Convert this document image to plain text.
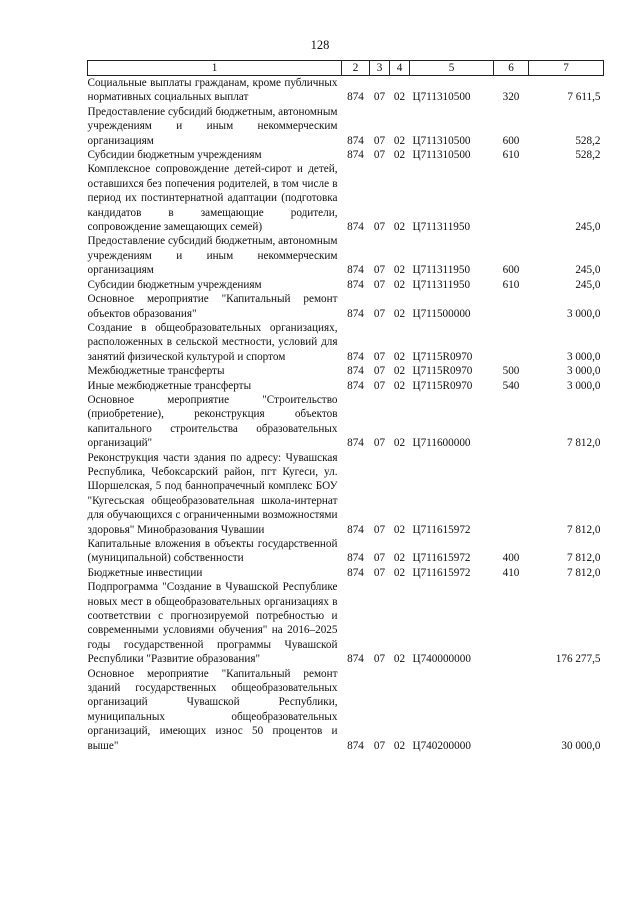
128
1	2	3	4	5	6	7
Социальные выплаты гражданам, кроме публичных нормативных социальных выплат	874	07	02	Ц711310500	320	7 611,5
Предоставление субсидий бюджетным, автономным учреждениям и иным некоммерческим организациям	874	07	02	Ц711310500	600	528,2
Субсидии бюджетным учреждениям	874	07	02	Ц711310500	610	528,2
Комплексное сопровождение детей-сирот и детей, оставшихся без попечения родителей, в том числе в период их постинтернатной адаптации (подготовка кандидатов в замещающие родители, сопровождение замещающих семей)	874	07	02	Ц711311950		245,0
Предоставление субсидий бюджетным, автономным учреждениям и иным некоммерческим организациям	874	07	02	Ц711311950	600	245,0
Субсидии бюджетным учреждениям	874	07	02	Ц711311950	610	245,0
Основное мероприятие "Капитальный ремонт объектов образования"	874	07	02	Ц711500000		3 000,0
Создание в общеобразовательных организациях, расположенных в сельской местности, условий для занятий физической культурой и спортом	874	07	02	Ц7115R0970		3 000,0
Межбюджетные трансферты	874	07	02	Ц7115R0970	500	3 000,0
Иные межбюджетные трансферты	874	07	02	Ц7115R0970	540	3 000,0
Основное мероприятие "Строительство (приобретение), реконструкция объектов капитального строительства образовательных организаций"	874	07	02	Ц711600000		7 812,0
Реконструкция части здания по адресу: Чувашская Республика, Чебоксарский район, пгт Кугеси, ул. Шоршелская, 5 под баннопрачечный комплекс БОУ "Кугесьская общеобразовательная школа-интернат для обучающихся с ограниченными возможностями здоровья" Минобразования Чувашии	874	07	02	Ц711615972		7 812,0
Капитальные вложения в объекты государственной (муниципальной) собственности	874	07	02	Ц711615972	400	7 812,0
Бюджетные инвестиции	874	07	02	Ц711615972	410	7 812,0
Подпрограмма "Создание в Чувашской Республике новых мест в общеобразовательных организациях в соответствии с прогнозируемой потребностью и современными условиями обучения" на 2016–2025 годы государственной программы Чувашской Республики "Развитие образования"	874	07	02	Ц740000000		176 277,5
Основное мероприятие "Капитальный ремонт зданий государственных общеобразовательных организаций Чувашской Республики, муниципальных общеобразовательных организаций, имеющих износ 50 процентов и выше"	874	07	02	Ц740200000		30 000,0
